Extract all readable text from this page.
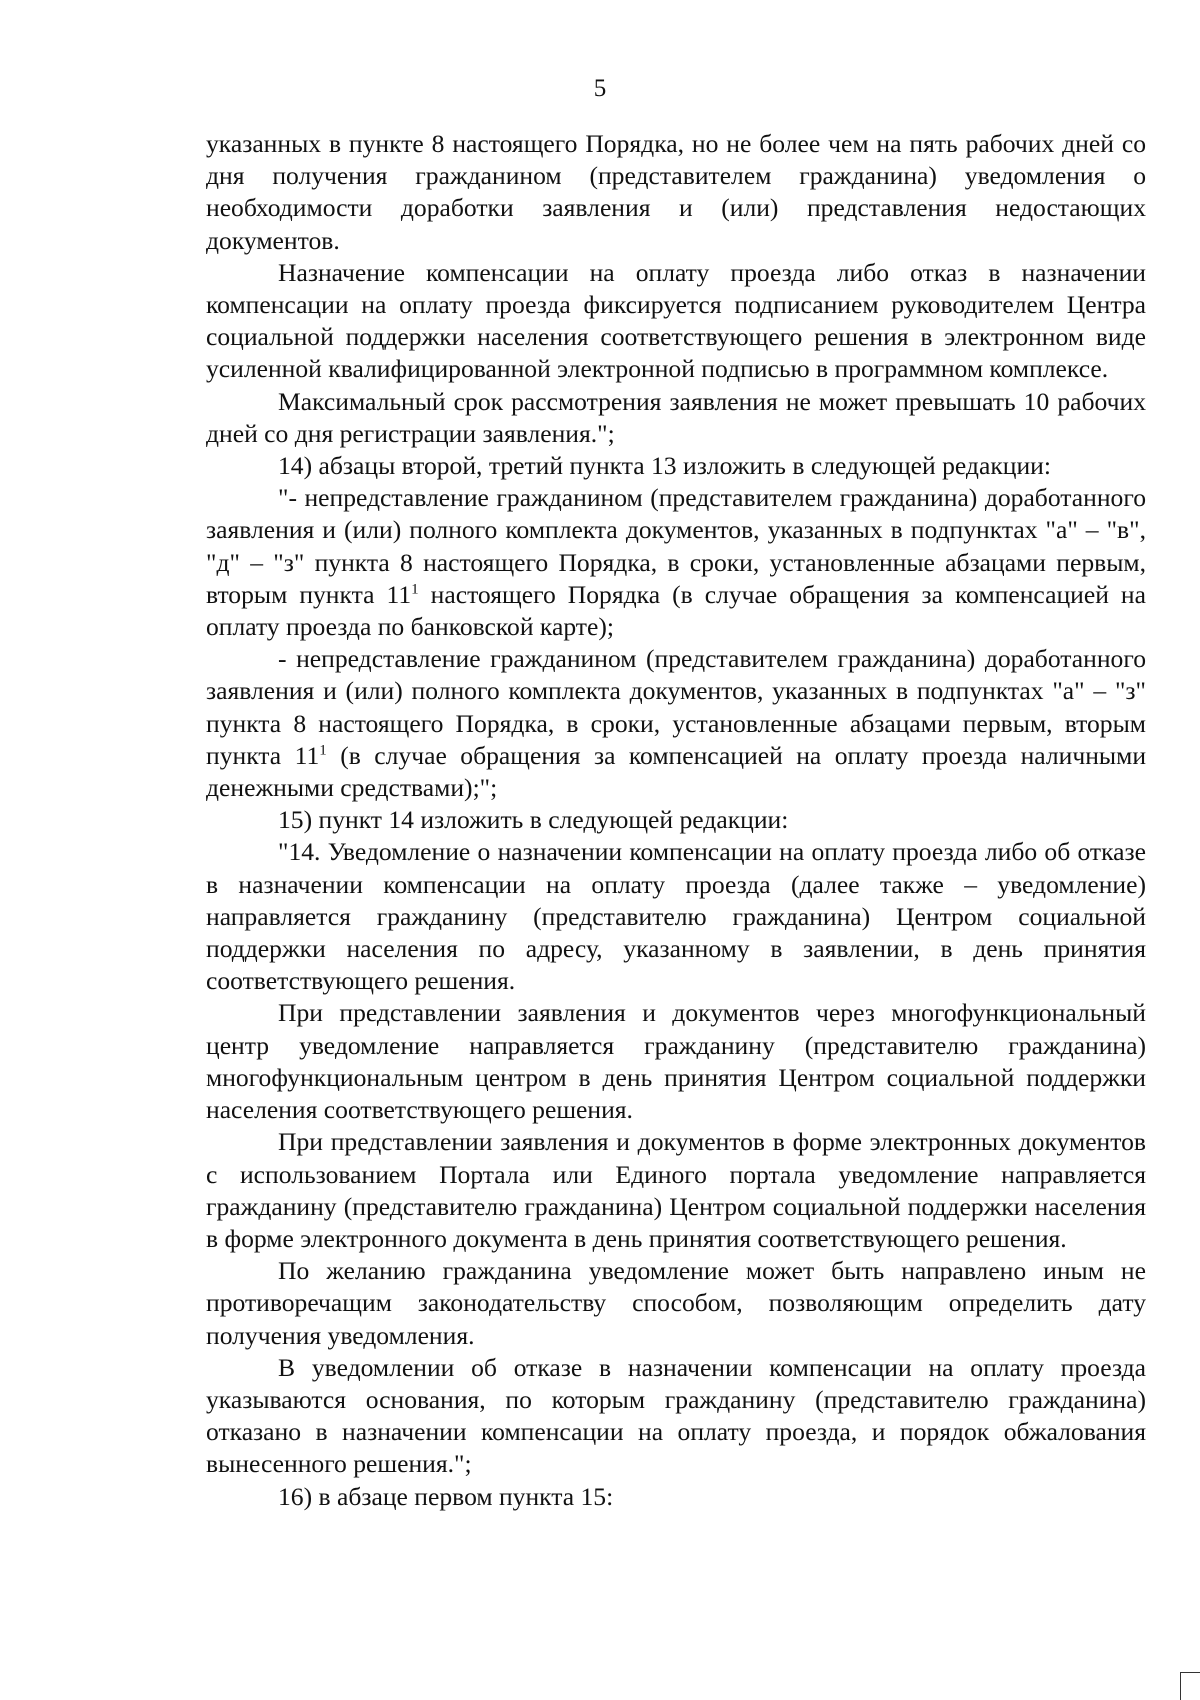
5

указанных в пункте 8 настоящего Порядка, но не более чем на пять рабочих дней со дня получения гражданином (представителем гражданина) уведомления о необходимости доработки заявления и (или) представления недостающих документов.

Назначение компенсации на оплату проезда либо отказ в назначении компенсации на оплату проезда фиксируется подписанием руководителем Центра социальной поддержки населения соответствующего решения в электронном виде усиленной квалифицированной электронной подписью в программном комплексе.

Максимальный срок рассмотрения заявления не может превышать 10 рабочих дней со дня регистрации заявления.";

14) абзацы второй, третий пункта 13 изложить в следующей редакции:

"- непредставление гражданином (представителем гражданина) доработанного заявления и (или) полного комплекта документов, указанных в подпунктах "а" – "в", "д" – "з" пункта 8 настоящего Порядка, в сроки, установленные абзацами первым, вторым пункта $11^1$ настоящего Порядка (в случае обращения за компенсацией на оплату проезда по банковской карте);

- непредставление гражданином (представителем гражданина) доработанного заявления и (или) полного комплекта документов, указанных в подпунктах "а" – "з" пункта 8 настоящего Порядка, в сроки, установленные абзацами первым, вторым пункта $11^1$ (в случае обращения за компенсацией на оплату проезда наличными денежными средствами);";

15) пункт 14 изложить в следующей редакции:

"14. Уведомление о назначении компенсации на оплату проезда либо об отказе в назначении компенсации на оплату проезда (далее также – уведомление) направляется гражданину (представителю гражданина) Центром социальной поддержки населения по адресу, указанному в заявлении, в день принятия соответствующего решения.

При представлении заявления и документов через многофункциональный центр уведомление направляется гражданину (представителю гражданина) многофункциональным центром в день принятия Центром социальной поддержки населения соответствующего решения.

При представлении заявления и документов в форме электронных документов с использованием Портала или Единого портала уведомление направляется гражданину (представителю гражданина) Центром социальной поддержки населения в форме электронного документа в день принятия соответствующего решения.

По желанию гражданина уведомление может быть направлено иным не противоречащим законодательству способом, позволяющим определить дату получения уведомления.

В уведомлении об отказе в назначении компенсации на оплату проезда указываются основания, по которым гражданину (представителю гражданина) отказано в назначении компенсации на оплату проезда, и порядок обжалования вынесенного решения.";

16) в абзаце первом пункта 15:
